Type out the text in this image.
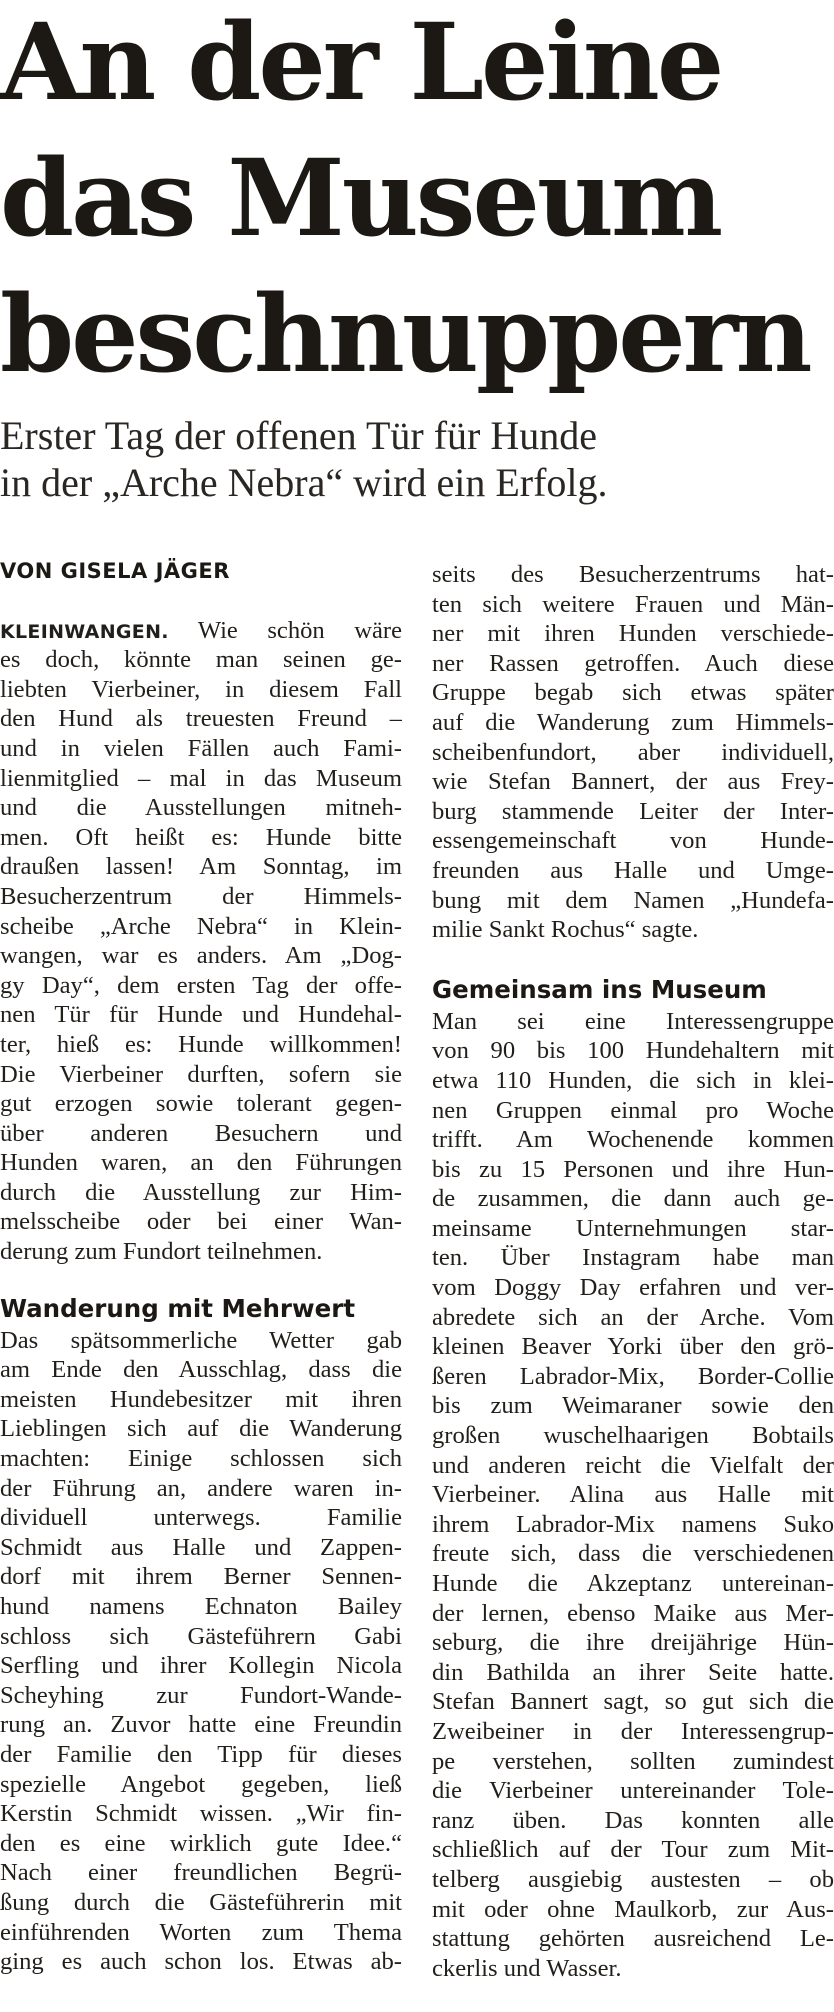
An der Leine
das Museum
beschnuppern
Erster Tag der offenen Tür für Hunde
in der „Arche Nebra“ wird ein Erfolg.
VON GISELA JÄGER
KLEINWANGEN. Wie schön wäre
es doch, könnte man seinen ge-
liebten Vierbeiner, in diesem Fall
den Hund als treuesten Freund –
und in vielen Fällen auch Fami-
lienmitglied – mal in das Museum
und die Ausstellungen mitneh-
men. Oft heißt es: Hunde bitte
draußen lassen! Am Sonntag, im
Besucherzentrum der Himmels-
scheibe „Arche Nebra“ in Klein-
wangen, war es anders. Am „Dog-
gy Day“, dem ersten Tag der offe-
nen Tür für Hunde und Hundehal-
ter, hieß es: Hunde willkommen!
Die Vierbeiner durften, sofern sie
gut erzogen sowie tolerant gegen-
über anderen Besuchern und
Hunden waren, an den Führungen
durch die Ausstellung zur Him-
melsscheibe oder bei einer Wan-
derung zum Fundort teilnehmen.
Wanderung mit Mehrwert
Das spätsommerliche Wetter gab
am Ende den Ausschlag, dass die
meisten Hundebesitzer mit ihren
Lieblingen sich auf die Wanderung
machten: Einige schlossen sich
der Führung an, andere waren in-
dividuell unterwegs. Familie
Schmidt aus Halle und Zappen-
dorf mit ihrem Berner Sennen-
hund namens Echnaton Bailey
schloss sich Gästeführern Gabi
Serfling und ihrer Kollegin Nicola
Scheyhing zur Fundort-Wande-
rung an. Zuvor hatte eine Freundin
der Familie den Tipp für dieses
spezielle Angebot gegeben, ließ
Kerstin Schmidt wissen. „Wir fin-
den es eine wirklich gute Idee.“
Nach einer freundlichen Begrü-
ßung durch die Gästeführerin mit
einführenden Worten zum Thema
ging es auch schon los. Etwas ab-
seits des Besucherzentrums hat-
ten sich weitere Frauen und Män-
ner mit ihren Hunden verschiede-
ner Rassen getroffen. Auch diese
Gruppe begab sich etwas später
auf die Wanderung zum Himmels-
scheibenfundort, aber individuell,
wie Stefan Bannert, der aus Frey-
burg stammende Leiter der Inter-
essengemeinschaft von Hunde-
freunden aus Halle und Umge-
bung mit dem Namen „Hundefa-
milie Sankt Rochus“ sagte.
Gemeinsam ins Museum
Man sei eine Interessengruppe
von 90 bis 100 Hundehaltern mit
etwa 110 Hunden, die sich in klei-
nen Gruppen einmal pro Woche
trifft. Am Wochenende kommen
bis zu 15 Personen und ihre Hun-
de zusammen, die dann auch ge-
meinsame Unternehmungen star-
ten. Über Instagram habe man
vom Doggy Day erfahren und ver-
abredete sich an der Arche. Vom
kleinen Beaver Yorki über den grö-
ßeren Labrador-Mix, Border-Collie
bis zum Weimaraner sowie den
großen wuschelhaarigen Bobtails
und anderen reicht die Vielfalt der
Vierbeiner. Alina aus Halle mit
ihrem Labrador-Mix namens Suko
freute sich, dass die verschiedenen
Hunde die Akzeptanz untereinan-
der lernen, ebenso Maike aus Mer-
seburg, die ihre dreijährige Hün-
din Bathilda an ihrer Seite hatte.
Stefan Bannert sagt, so gut sich die
Zweibeiner in der Interessengrup-
pe verstehen, sollten zumindest
die Vierbeiner untereinander Tole-
ranz üben. Das konnten alle
schließlich auf der Tour zum Mit-
telberg ausgiebig austesten – ob
mit oder ohne Maulkorb, zur Aus-
stattung gehörten ausreichend Le-
ckerlis und Wasser.
